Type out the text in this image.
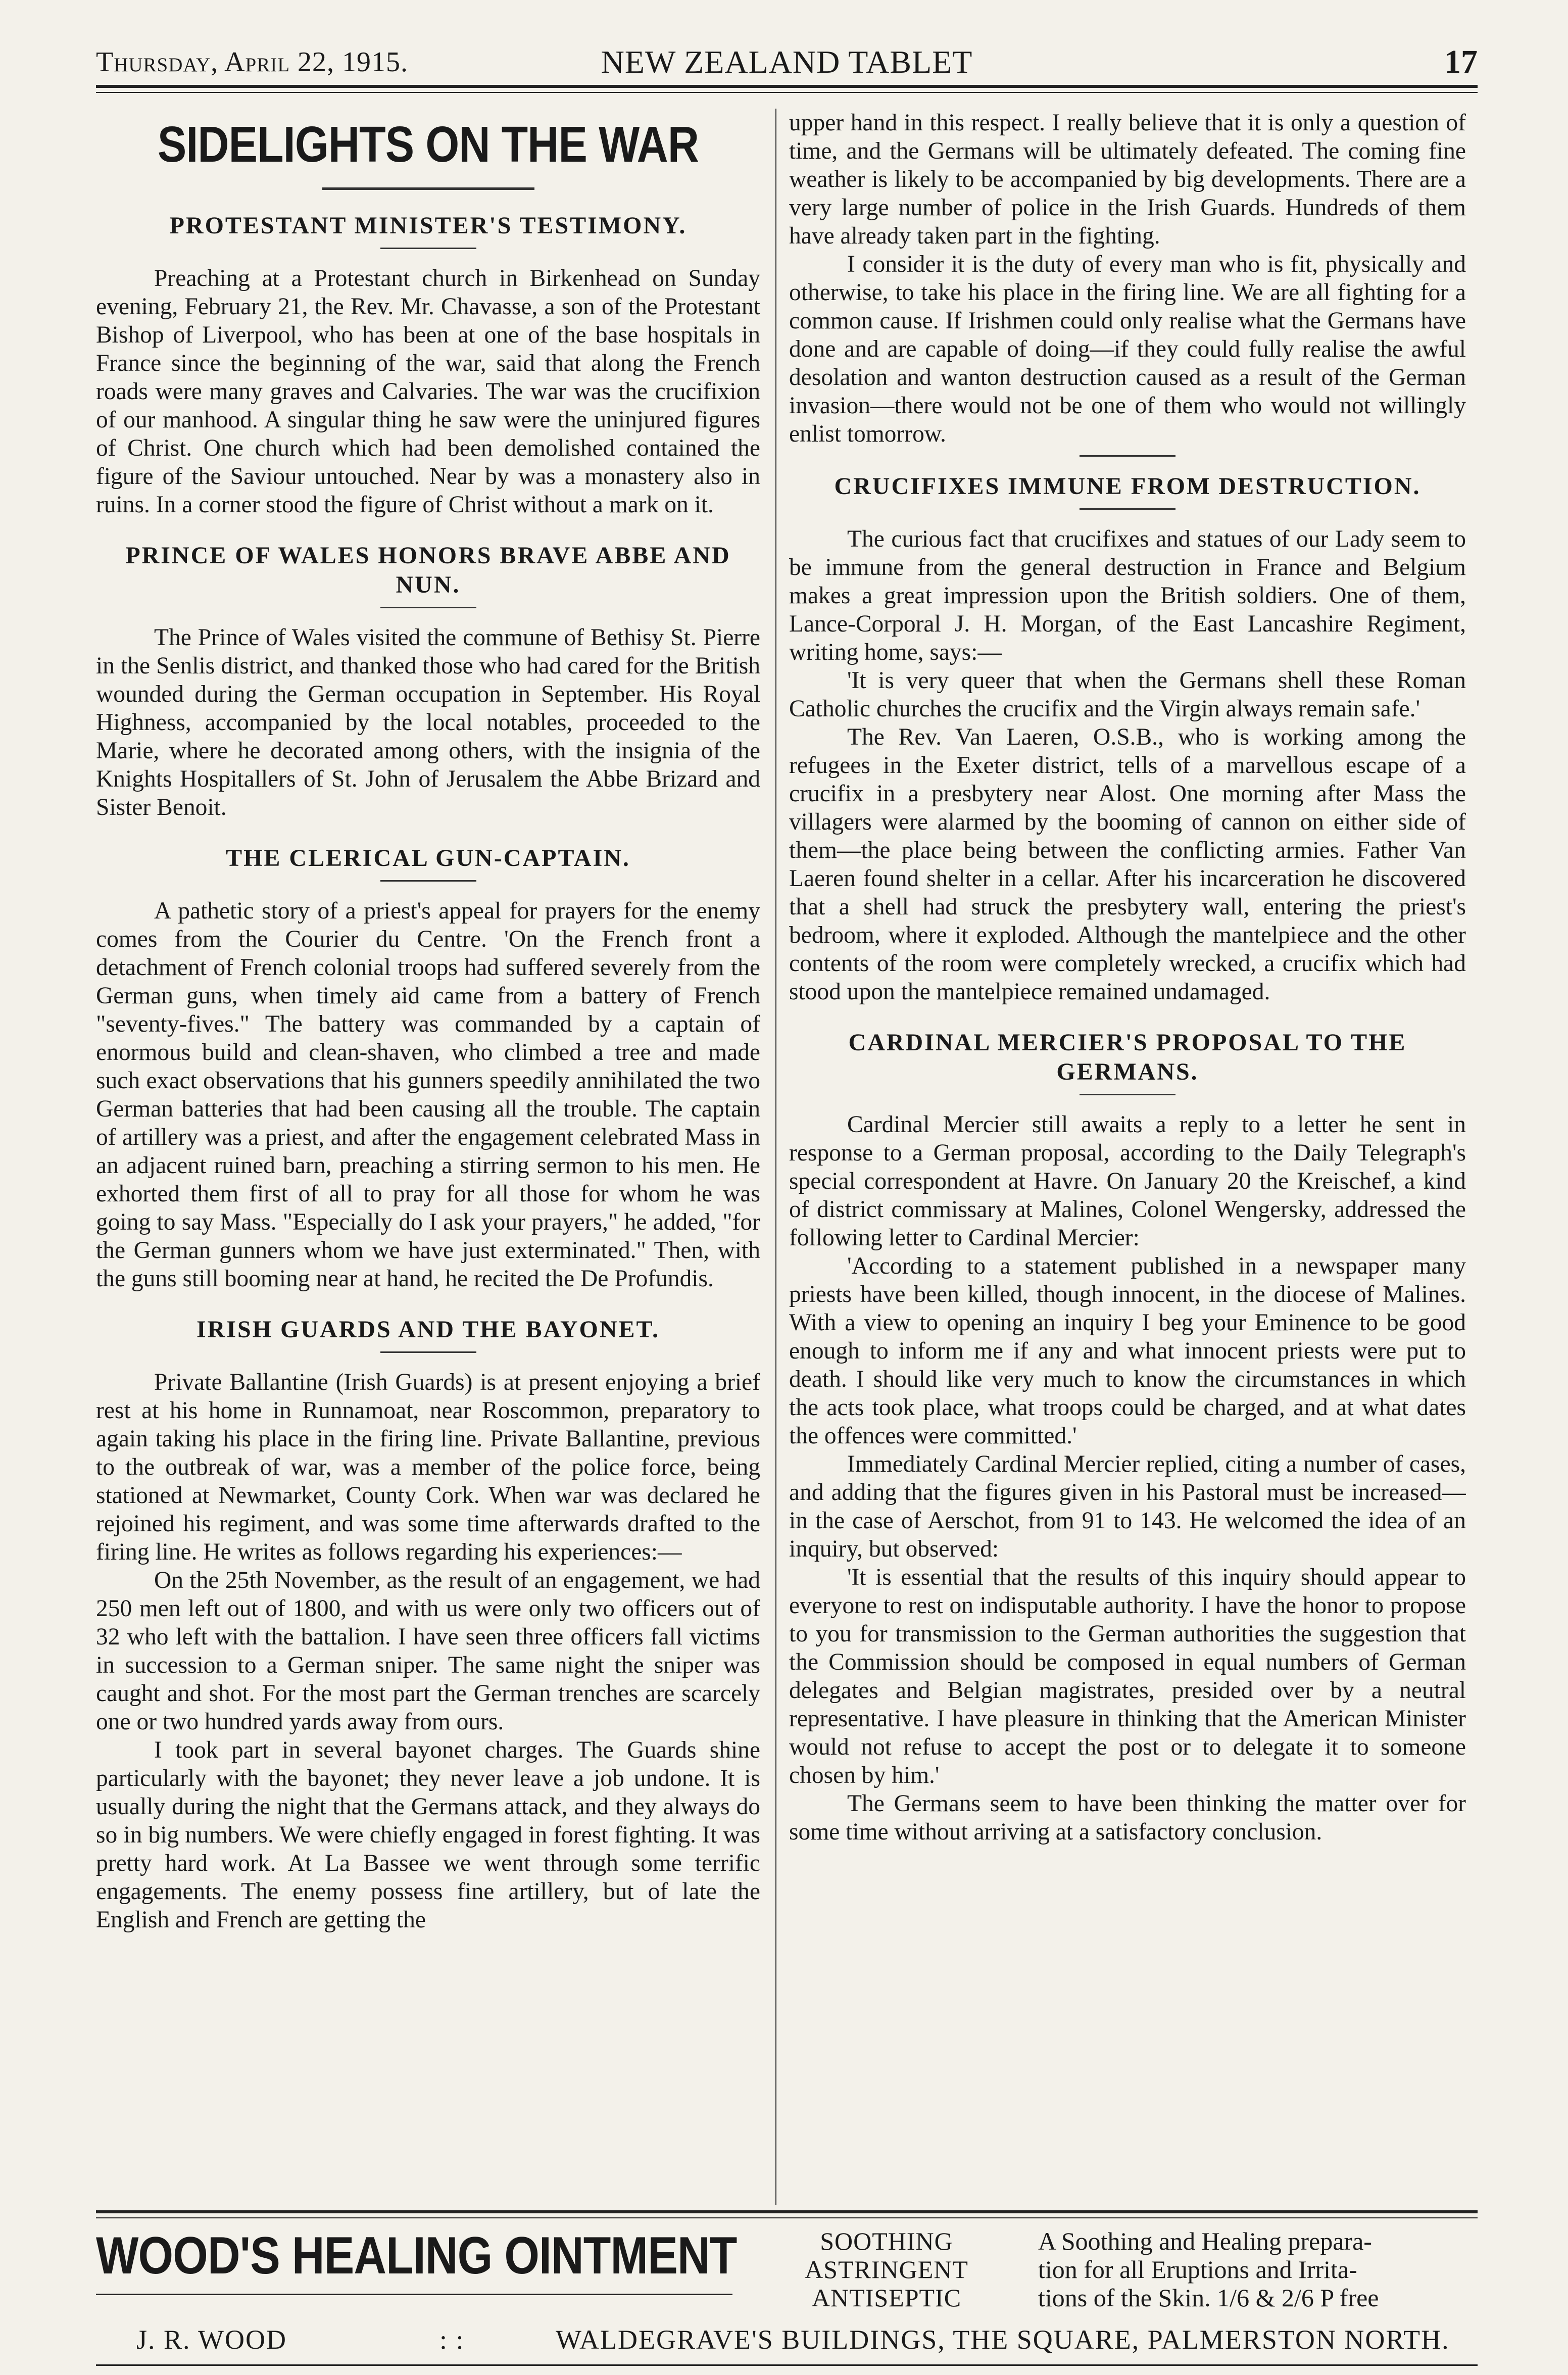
Thursday, April 22, 1915.	NEW ZEALAND TABLET	17
SIDELIGHTS ON THE WAR
PROTESTANT MINISTER'S TESTIMONY.

Preaching at a Protestant church in Birkenhead on Sunday evening, February 21, the Rev. Mr. Chavasse, a son of the Protestant Bishop of Liverpool, who has been at one of the base hospitals in France since the beginning of the war, said that along the French roads were many graves and Calvaries. The war was the crucifixion of our manhood. A singular thing he saw were the uninjured figures of Christ. One church which had been demolished contained the figure of the Saviour untouched. Near by was a monastery also in ruins. In a corner stood the figure of Christ without a mark on it.

PRINCE OF WALES HONORS BRAVE ABBE AND NUN.

The Prince of Wales visited the commune of Bethisy St. Pierre in the Senlis district, and thanked those who had cared for the British wounded during the German occupation in September. His Royal Highness, accompanied by the local notables, proceeded to the Marie, where he decorated among others, with the insignia of the Knights Hospitallers of St. John of Jerusalem the Abbe Brizard and Sister Benoit.

THE CLERICAL GUN-CAPTAIN.

A pathetic story of a priest's appeal for prayers for the enemy comes from the Courier du Centre. 'On the French front a detachment of French colonial troops had suffered severely from the German guns, when timely aid came from a battery of French "seventy-fives." The battery was commanded by a captain of enormous build and clean-shaven, who climbed a tree and made such exact observations that his gunners speedily annihilated the two German batteries that had been causing all the trouble. The captain of artillery was a priest, and after the engagement celebrated Mass in an adjacent ruined barn, preaching a stirring sermon to his men. He exhorted them first of all to pray for all those for whom he was going to say Mass. "Especially do I ask your prayers," he added, "for the German gunners whom we have just exterminated." Then, with the guns still booming near at hand, he recited the De Profundis.

IRISH GUARDS AND THE BAYONET.

Private Ballantine (Irish Guards) is at present enjoying a brief rest at his home in Runnamoat, near Roscommon, preparatory to again taking his place in the firing line. Private Ballantine, previous to the outbreak of war, was a member of the police force, being stationed at Newmarket, County Cork. When war was declared he rejoined his regiment, and was some time afterwards drafted to the firing line. He writes as follows regarding his experiences:—

On the 25th November, as the result of an engagement, we had 250 men left out of 1800, and with us were only two officers out of 32 who left with the battalion. I have seen three officers fall victims in succession to a German sniper. The same night the sniper was caught and shot. For the most part the German trenches are scarcely one or two hundred yards away from ours.

I took part in several bayonet charges. The Guards shine particularly with the bayonet; they never leave a job undone. It is usually during the night that the Germans attack, and they always do so in big numbers. We were chiefly engaged in forest fighting. It was pretty hard work. At La Bassee we went through some terrific engagements. The enemy possess fine artillery, but of late the English and French are getting the

upper hand in this respect. I really believe that it is only a question of time, and the Germans will be ultimately defeated. The coming fine weather is likely to be accompanied by big developments. There are a very large number of police in the Irish Guards. Hundreds of them have already taken part in the fighting.

I consider it is the duty of every man who is fit, physically and otherwise, to take his place in the firing line. We are all fighting for a common cause. If Irishmen could only realise what the Germans have done and are capable of doing—if they could fully realise the awful desolation and wanton destruction caused as a result of the German invasion—there would not be one of them who would not willingly enlist tomorrow.

CRUCIFIXES IMMUNE FROM DESTRUCTION.

The curious fact that crucifixes and statues of our Lady seem to be immune from the general destruction in France and Belgium makes a great impression upon the British soldiers. One of them, Lance-Corporal J. H. Morgan, of the East Lancashire Regiment, writing home, says:—

'It is very queer that when the Germans shell these Roman Catholic churches the crucifix and the Virgin always remain safe.'

The Rev. Van Laeren, O.S.B., who is working among the refugees in the Exeter district, tells of a marvellous escape of a crucifix in a presbytery near Alost. One morning after Mass the villagers were alarmed by the booming of cannon on either side of them—the place being between the conflicting armies. Father Van Laeren found shelter in a cellar. After his incarceration he discovered that a shell had struck the presbytery wall, entering the priest's bedroom, where it exploded. Although the mantelpiece and the other contents of the room were completely wrecked, a crucifix which had stood upon the mantelpiece remained undamaged.

CARDINAL MERCIER'S PROPOSAL TO THE GERMANS.

Cardinal Mercier still awaits a reply to a letter he sent in response to a German proposal, according to the Daily Telegraph's special correspondent at Havre. On January 20 the Kreischef, a kind of district commissary at Malines, Colonel Wengersky, addressed the following letter to Cardinal Mercier:

'According to a statement published in a newspaper many priests have been killed, though innocent, in the diocese of Malines. With a view to opening an inquiry I beg your Eminence to be good enough to inform me if any and what innocent priests were put to death. I should like very much to know the circumstances in which the acts took place, what troops could be charged, and at what dates the offences were committed.'

Immediately Cardinal Mercier replied, citing a number of cases, and adding that the figures given in his Pastoral must be increased—in the case of Aerschot, from 91 to 143. He welcomed the idea of an inquiry, but observed:

'It is essential that the results of this inquiry should appear to everyone to rest on indisputable authority. I have the honor to propose to you for transmission to the German authorities the suggestion that the Commission should be composed in equal numbers of German delegates and Belgian magistrates, presided over by a neutral representative. I have pleasure in thinking that the American Minister would not refuse to accept the post or to delegate it to someone chosen by him.'

The Germans seem to have been thinking the matter over for some time without arriving at a satisfactory conclusion.

WOOD'S HEALING OINTMENT	SOOTHING
ASTRINGENT
ANTISEPTIC
A Soothing and Healing prepara-
tion for all Eruptions and Irrita-
tions of the Skin. 1/6 & 2/6 P free
J. R. WOOD	: :	WALDEGRAVE'S BUILDINGS, THE SQUARE, PALMERSTON NORTH.
